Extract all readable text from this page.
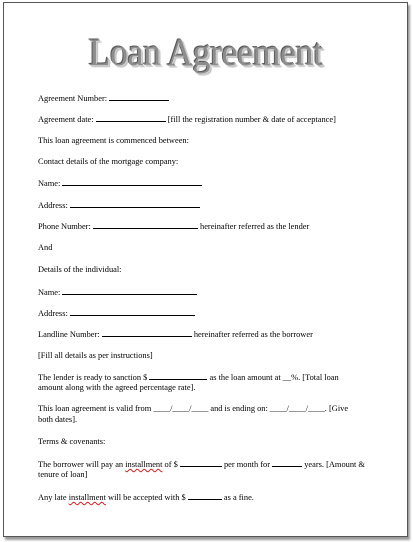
Loan Agreement
Agreement Number:
Agreement date:	[fill the registration number & date of acceptance]
This loan agreement is commenced between:
Contact details of the mortgage company:
Name:
Address:
Phone Number:	hereinafter referred as the lender
And
Details of the individual:
Name:
Address:
Landline Number:	hereinafter referred as the borrower
[Fill all details as per instructions]
The lender is ready to sanction $	as the loan amount at __%. [Total loan
amount along with the agreed percentage rate].
This loan agreement is valid from ____/____/____ and is ending on: ____/____/____. [Give
both dates].
Terms & covenants:
The borrower will pay an installment of $	per month for	years. [Amount &
tenure of loan]
Any late installment will be accepted with $	as a fine.
